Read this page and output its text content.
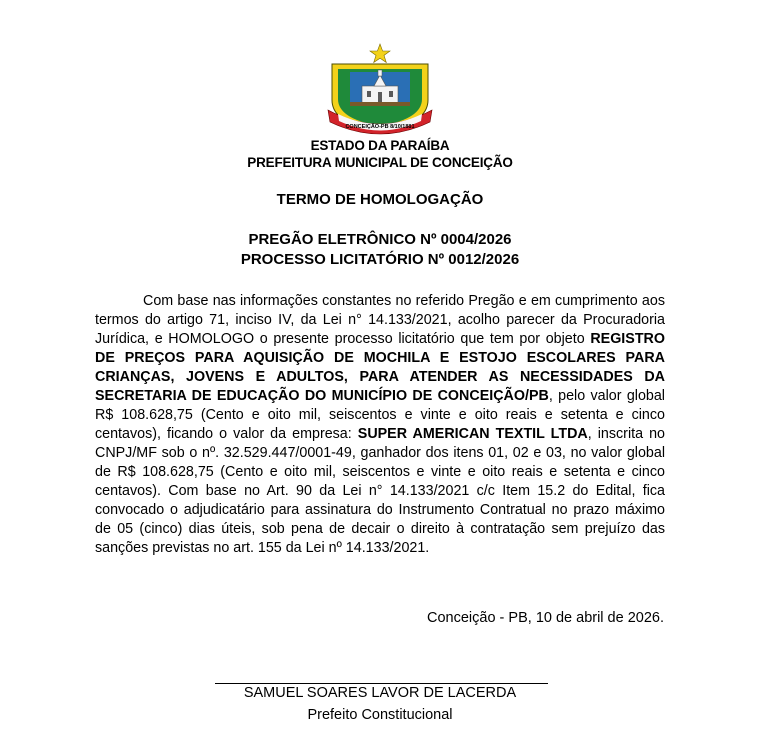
CONCEIÇÃO-PB 8/10/1881
ESTADO DA PARAÍBA
PREFEITURA MUNICIPAL DE CONCEIÇÃO
TERMO DE HOMOLOGAÇÃO
PREGÃO ELETRÔNICO Nº 0004/2026
PROCESSO LICITATÓRIO Nº 0012/2026

Com base nas informações constantes no referido Pregão e em cumprimento aos termos do artigo 71, inciso IV, da Lei n° 14.133/2021, acolho parecer da Procuradoria Jurídica, e HOMOLOGO o presente processo licitatório que tem por objeto REGISTRO DE PREÇOS PARA AQUISIÇÃO DE MOCHILA E ESTOJO ESCOLARES PARA CRIANÇAS, JOVENS E ADULTOS, PARA ATENDER AS NECESSIDADES DA SECRETARIA DE EDUCAÇÃO DO MUNICÍPIO DE CONCEIÇÃO/PB, pelo valor global R$ 108.628,75 (Cento e oito mil, seiscentos e vinte e oito reais e setenta e cinco centavos), ficando o valor da empresa: SUPER AMERICAN TEXTIL LTDA, inscrita no CNPJ/MF sob o nº. 32.529.447/0001-49, ganhador dos itens 01, 02 e 03, no valor global de R$ 108.628,75 (Cento e oito mil, seiscentos e vinte e oito reais e setenta e cinco centavos). Com base no Art. 90 da Lei n° 14.133/2021 c/c Item 15.2 do Edital, fica convocado o adjudicatário para assinatura do Instrumento Contratual no prazo máximo de 05 (cinco) dias úteis, sob pena de decair o direito à contratação sem prejuízo das sanções previstas no art. 155 da Lei nº 14.133/2021.

Conceição - PB, 10 de abril de 2026.
SAMUEL SOARES LAVOR DE LACERDA
Prefeito Constitucional
